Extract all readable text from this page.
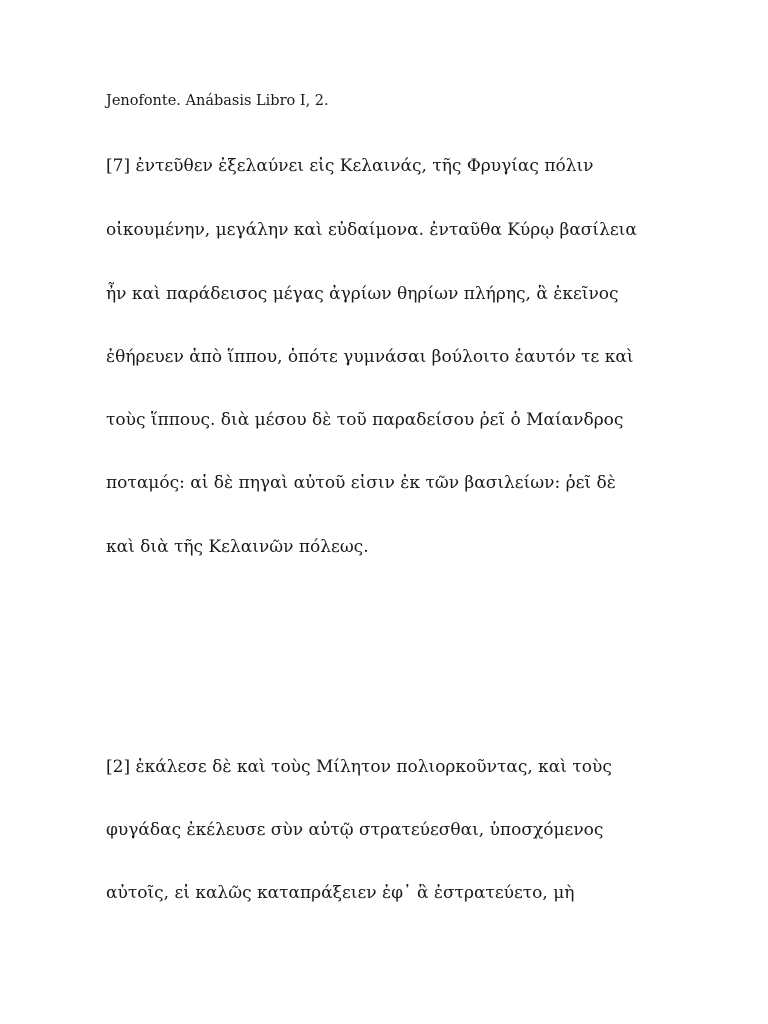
Jenofonte. Anábasis Libro I, 2.

[7] ἐντεῦθεν ἐξελαύνει εἰς Κελαινάς, τῆς Φρυγίας πόλιν

οἰκουμένην, μεγάλην καὶ εὐδαίμονα. ἐνταῦθα Κύρῳ βασίλεια

ἦν καὶ παράδεισος μέγας ἀγρίων θηρίων πλήρης, ἃ ἐκεῖνος

ἐθήρευεν ἀπὸ ἵππου, ὁπότε γυμνάσαι βούλοιτο ἑαυτόν τε καὶ

τοὺς ἵππους. διὰ μέσου δὲ τοῦ παραδείσου ῥεῖ ὁ Μαίανδρος

ποταμός: αἱ δὲ πηγαὶ αὐτοῦ εἰσιν ἐκ τῶν βασιλείων: ῥεῖ δὲ

καὶ διὰ τῆς Κελαινῶν πόλεως.

[2] ἐκάλεσε δὲ καὶ τοὺς Μίλητον πολιορκοῦντας, καὶ τοὺς

φυγάδας ἐκέλευσε σὺν αὐτῷ στρατεύεσθαι, ὑποσχόμενος

αὐτοῖς, εἰ καλῶς καταπράξειεν ἐφ᾽ ἃ ἐστρατεύετο, μὴ
